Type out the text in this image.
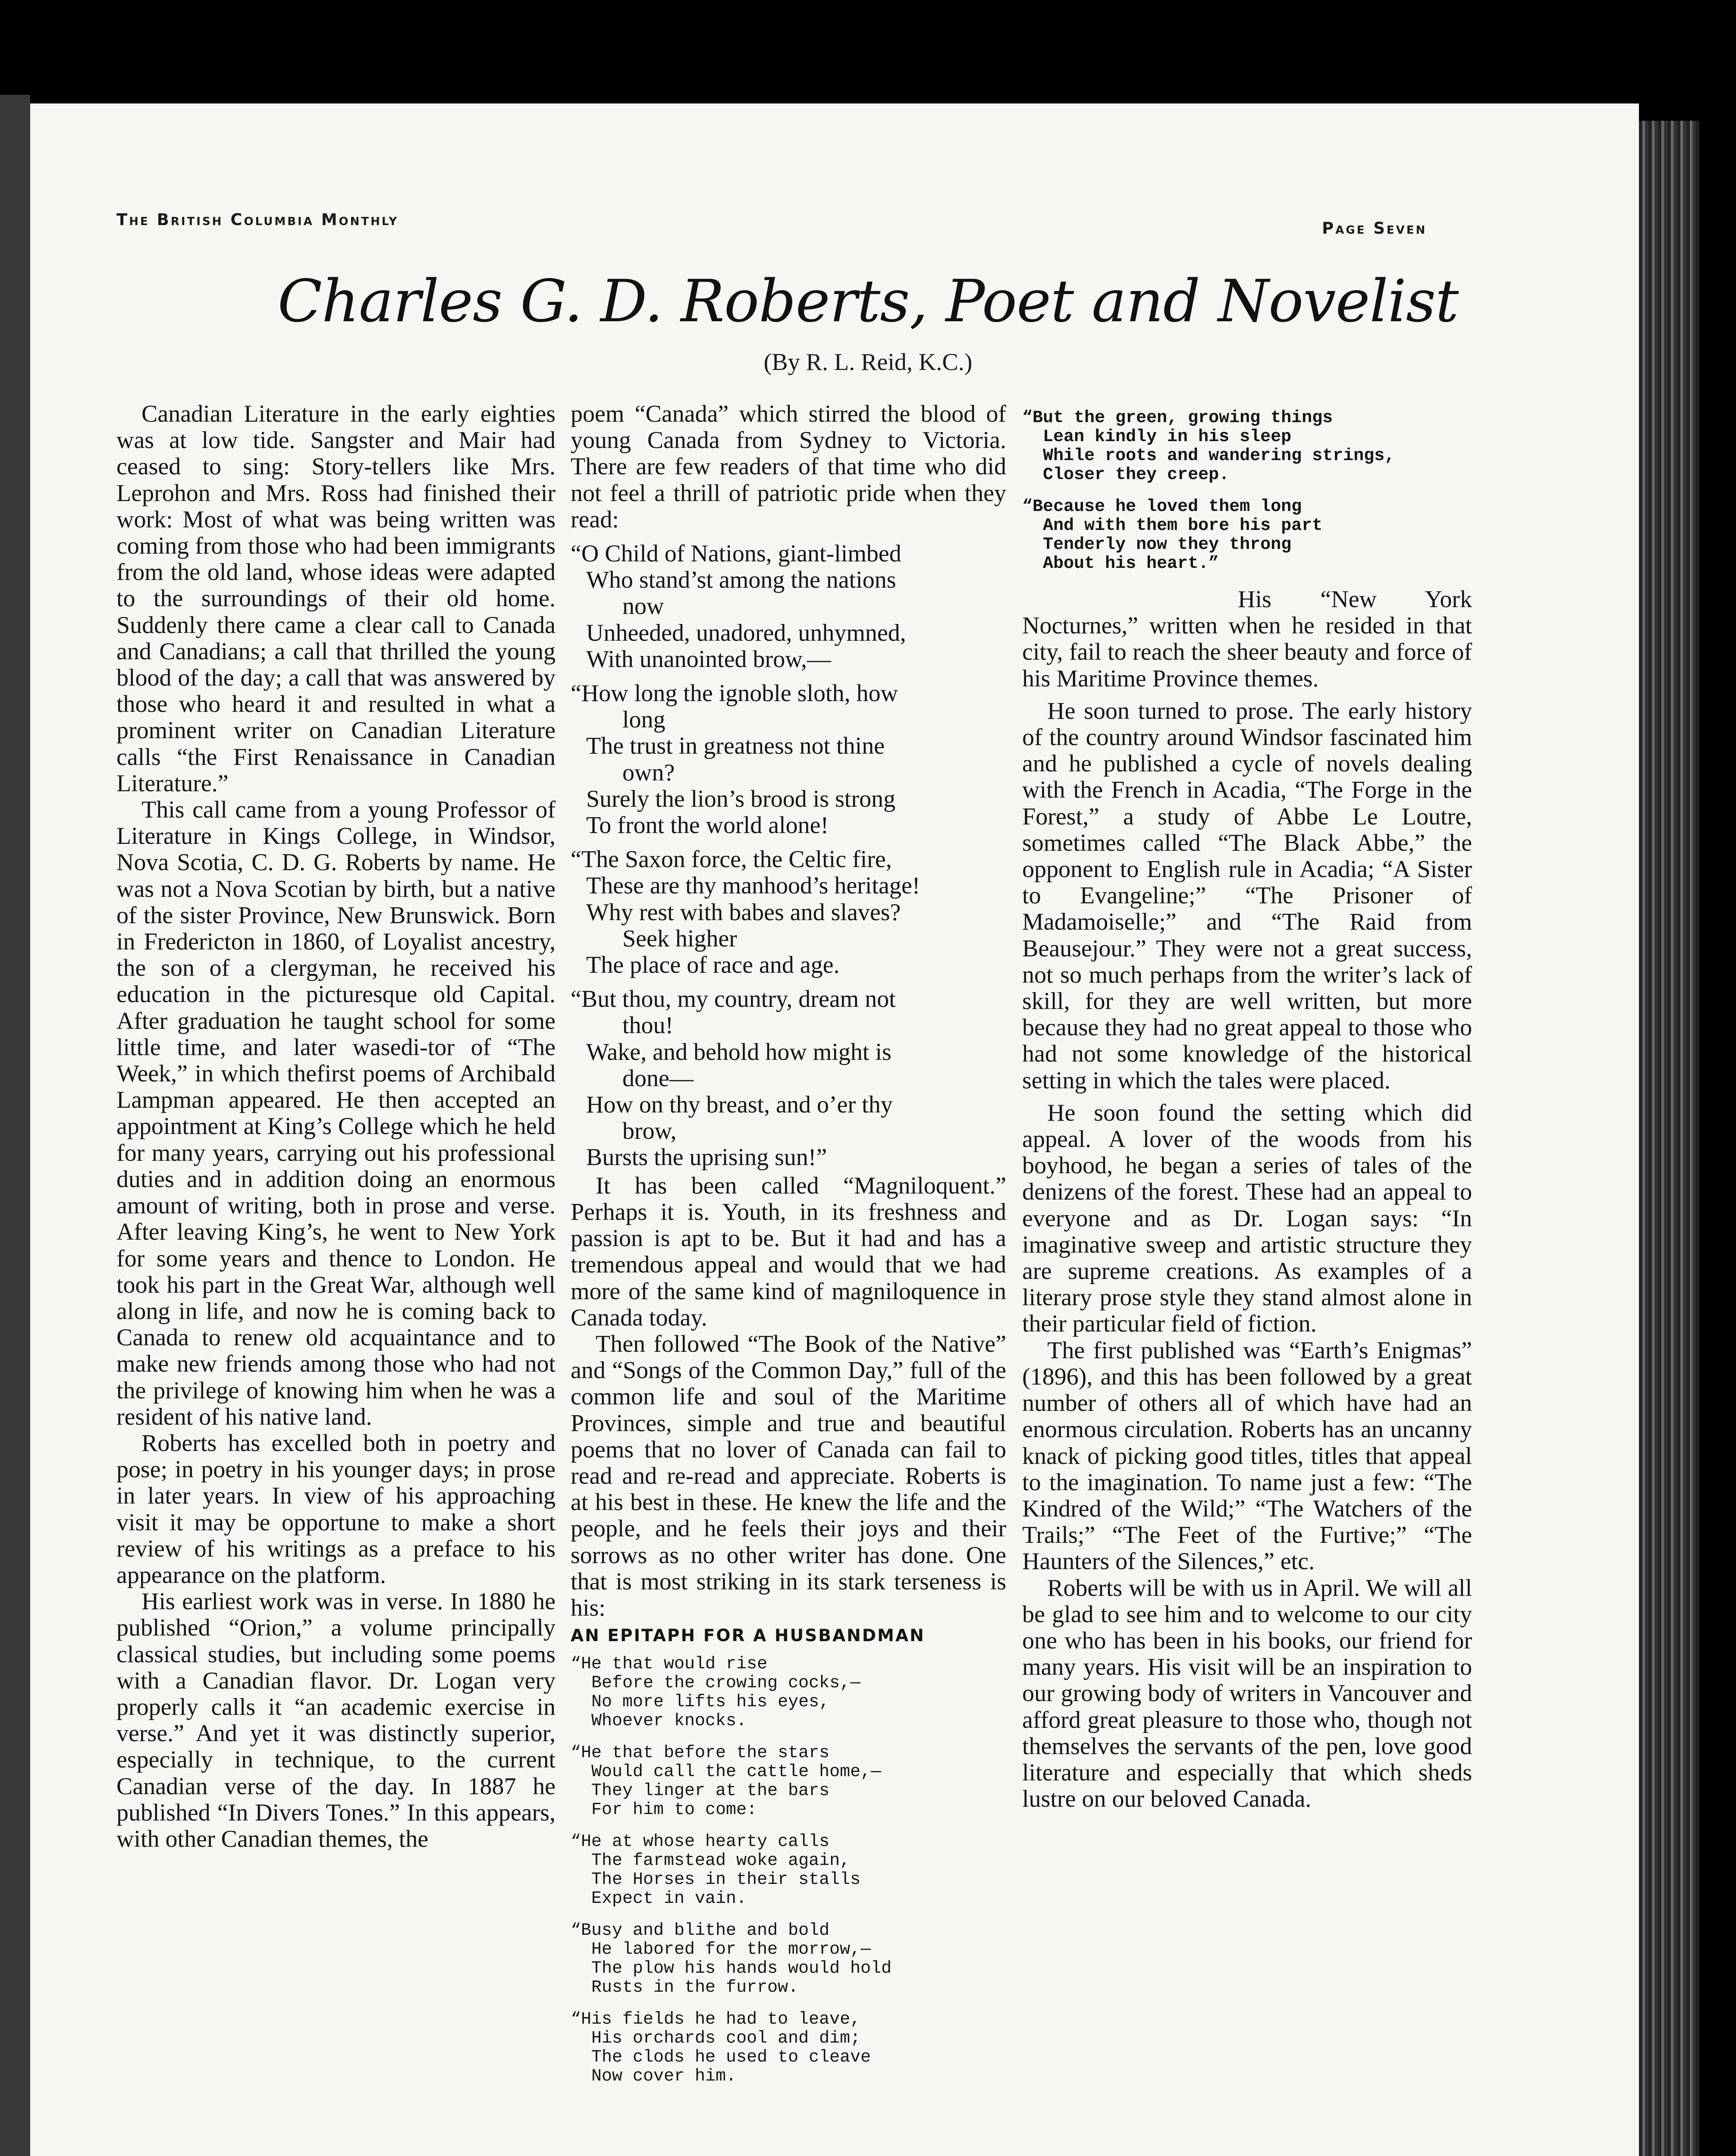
The British Columbia Monthly	Page Seven
Charles G. D. Roberts, Poet and Novelist
(By R. L. Reid, K.C.)

Canadian Literature in the early eighties was at low tide. Sangster and Mair had ceased to sing: Story-tellers like Mrs. Leprohon and Mrs. Ross had finished their work: Most of what was being written was coming from those who had been immigrants from the old land, whose ideas were adapted to the surroundings of their old home. Suddenly there came a clear call to Canada and Canadians; a call that thrilled the young blood of the day; a call that was answered by those who heard it and resulted in what a prominent writer on Canadian Literature calls “the First Renaissance in Canadian Literature.”

This call came from a young Professor of Literature in Kings College, in Windsor, Nova Scotia, C. D. G. Roberts by name. He was not a Nova Scotian by birth, but a native of the sister Province, New Brunswick. Born in Fredericton in 1860, of Loyalist ancestry, the son of a clergyman, he received his education in the picturesque old Capital. After graduation he taught school for some little time, and later wasedi-tor of “The Week,” in which thefirst poems of Archibald Lampman appeared. He then accepted an appointment at King’s College which he held for many years, carrying out his professional duties and in addition doing an enormous amount of writing, both in prose and verse. After leaving King’s, he went to New York for some years and thence to London. He took his part in the Great War, although well along in life, and now he is coming back to Canada to renew old acquaintance and to make new friends among those who had not the privilege of knowing him when he was a resident of his native land.

Roberts has excelled both in poetry and pose; in poetry in his younger days; in prose in later years. In view of his approaching visit it may be opportune to make a short review of his writings as a preface to his appearance on the platform.

His earliest work was in verse. In 1880 he published “Orion,” a volume principally classical studies, but including some poems with a Canadian flavor. Dr. Logan very properly calls it “an academic exercise in verse.” And yet it was distinctly superior, especially in technique, to the current Canadian verse of the day. In 1887 he published “In Divers Tones.” In this appears, with other Canadian themes, the

poem “Canada” which stirred the blood of young Canada from Sydney to Victoria. There are few readers of that time who did not feel a thrill of patriotic pride when they read:

“O Child of Nations, giant-limbed
Who stand’st among the nations
now
Unheeded, unadored, unhymned,
With unanointed brow,—
“How long the ignoble sloth, how
long
The trust in greatness not thine
own?
Surely the lion’s brood is strong
To front the world alone!
“The Saxon force, the Celtic fire,
These are thy manhood’s heritage!
Why rest with babes and slaves?
Seek higher
The place of race and age.
“But thou, my country, dream not
thou!
Wake, and behold how might is
done—
How on thy breast, and o’er thy
brow,
Bursts the uprising sun!”

It has been called “Magniloquent.” Perhaps it is. Youth, in its freshness and passion is apt to be. But it had and has a tremendous appeal and would that we had more of the same kind of magniloquence in Canada today.

Then followed “The Book of the Native” and “Songs of the Common Day,” full of the common life and soul of the Maritime Provinces, simple and true and beautiful poems that no lover of Canada can fail to read and re-read and appreciate. Roberts is at his best in these. He knew the life and the people, and he feels their joys and their sorrows as no other writer has done. One that is most striking in its stark terseness is his:

AN EPITAPH FOR A HUSBANDMAN
“He that would rise
Before the crowing cocks,—
No more lifts his eyes,
Whoever knocks.
“He that before the stars
Would call the cattle home,—
They linger at the bars
For him to come:
“He at whose hearty calls
The farmstead woke again,
The Horses in their stalls
Expect in vain.
“Busy and blithe and bold
He labored for the morrow,—
The plow his hands would hold
Rusts in the furrow.
“His fields he had to leave,
His orchards cool and dim;
The clods he used to cleave
Now cover him.
“But the green, growing things
Lean kindly in his sleep
While roots and wandering strings,
Closer they creep.
“Because he loved them long
And with them bore his part
Tenderly now they throng
About his heart.”

His “New York Nocturnes,” written when he resided in that city, fail to reach the sheer beauty and force of his Maritime Province themes.

He soon turned to prose. The early history of the country around Windsor fascinated him and he published a cycle of novels dealing with the French in Acadia, “The Forge in the Forest,” a study of Abbe Le Loutre, sometimes called “The Black Abbe,” the opponent to English rule in Acadia; “A Sister to Evangeline;” “The Prisoner of Madamoiselle;” and “The Raid from Beausejour.” They were not a great success, not so much perhaps from the writer’s lack of skill, for they are well written, but more because they had no great appeal to those who had not some knowledge of the historical setting in which the tales were placed.

He soon found the setting which did appeal. A lover of the woods from his boyhood, he began a series of tales of the denizens of the forest. These had an appeal to everyone and as Dr. Logan says: “In imaginative sweep and artistic structure they are supreme creations. As examples of a literary prose style they stand almost alone in their particular field of fiction.

The first published was “Earth’s Enigmas” (1896), and this has been followed by a great number of others all of which have had an enormous circulation. Roberts has an uncanny knack of picking good titles, titles that appeal to the imagination. To name just a few: “The Kindred of the Wild;” “The Watchers of the Trails;” “The Feet of the Furtive;” “The Haunters of the Silences,” etc.

Roberts will be with us in April. We will all be glad to see him and to welcome to our city one who has been in his books, our friend for many years. His visit will be an inspiration to our growing body of writers in Vancouver and afford great pleasure to those who, though not themselves the servants of the pen, love good literature and especially that which sheds lustre on our beloved Canada.
